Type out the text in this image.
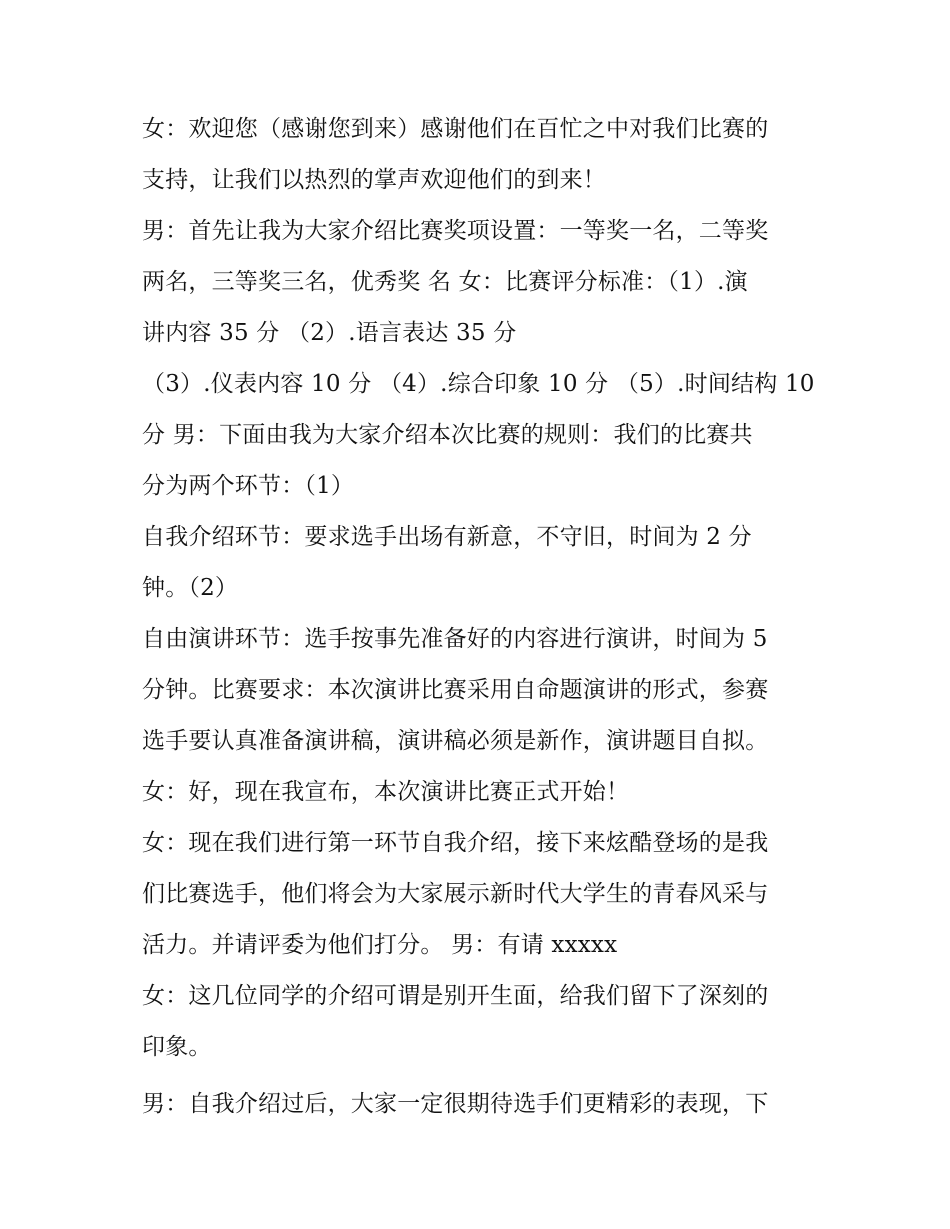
女：欢迎您（感谢您到来）感谢他们在百忙之中对我们比赛的
支持，让我们以热烈的掌声欢迎他们的到来！
男：首先让我为大家介绍比赛奖项设置：一等奖一名，二等奖
两名，三等奖三名，优秀奖 名 女：比赛评分标准：（1）.演
讲内容 35 分 （2）.语言表达 35 分
（3）.仪表内容 10 分 （4）.综合印象 10 分 （5）.时间结构 10
分 男：下面由我为大家介绍本次比赛的规则：我们的比赛共
分为两个环节：（1）
自我介绍环节：要求选手出场有新意，不守旧，时间为 2 分
钟。（2）
自由演讲环节：选手按事先准备好的内容进行演讲，时间为 5
分钟。比赛要求：本次演讲比赛采用自命题演讲的形式，参赛
选手要认真准备演讲稿，演讲稿必须是新作，演讲题目自拟。
女：好，现在我宣布，本次演讲比赛正式开始！
女：现在我们进行第一环节自我介绍，接下来炫酷登场的是我
们比赛选手，他们将会为大家展示新时代大学生的青春风采与
活力。并请评委为他们打分。 男：有请 xxxxx
女：这几位同学的介绍可谓是别开生面，给我们留下了深刻的
印象。
男：自我介绍过后，大家一定很期待选手们更精彩的表现，下
